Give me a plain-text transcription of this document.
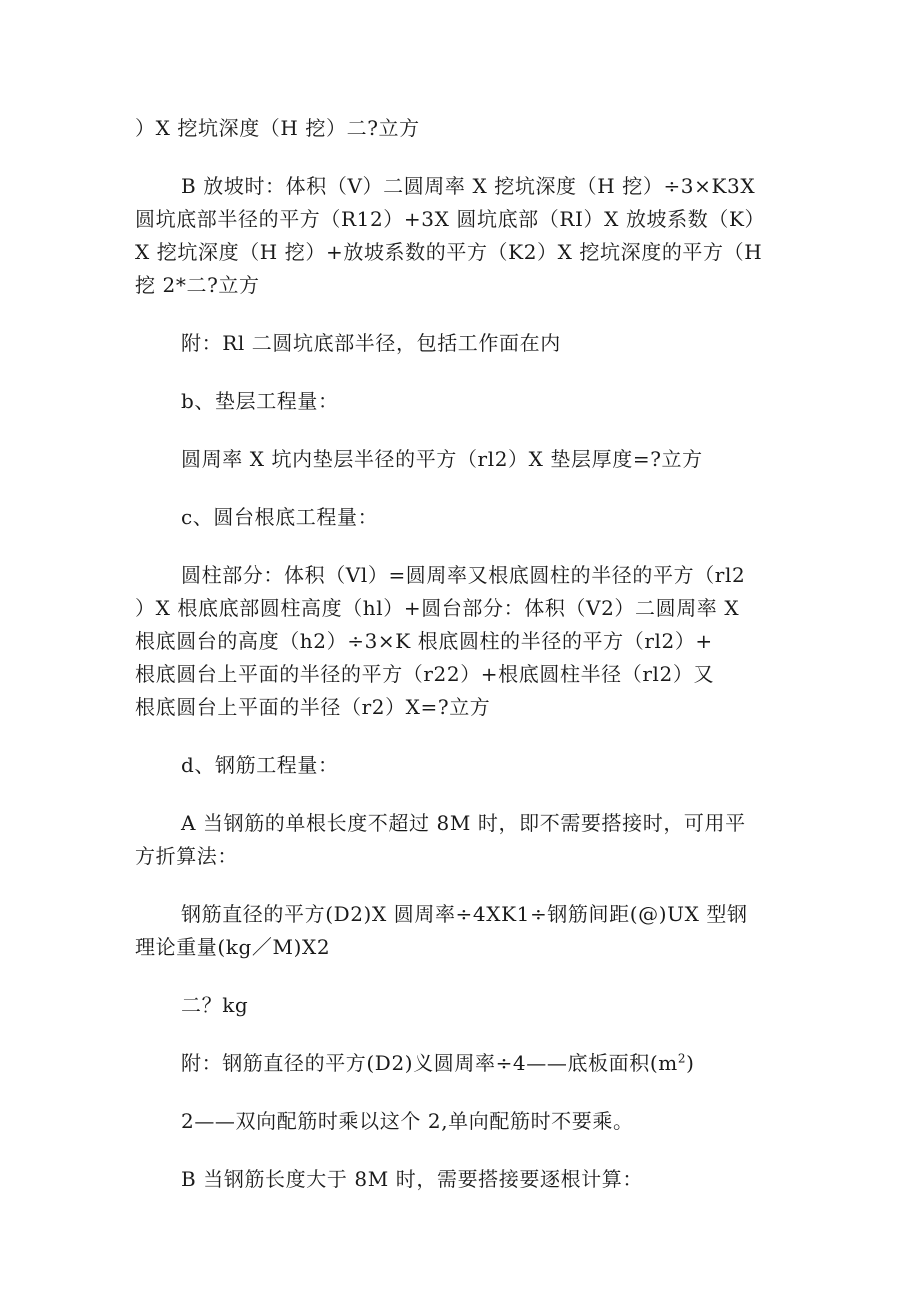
）X 挖坑深度（H 挖）二?立方
B 放坡时：体积（V）二圆周率 X 挖坑深度（H 挖）÷3×K3X
圆坑底部半径的平方（R12）+3X 圆坑底部（RI）X 放坡系数（K）
X 挖坑深度（H 挖）+放坡系数的平方（K2）X 挖坑深度的平方（H
挖 2*二?立方
附：Rl 二圆坑底部半径，包括工作面在内
b、垫层工程量：
圆周率 X 坑内垫层半径的平方（rl2）X 垫层厚度=?立方
c、圆台根底工程量：
圆柱部分：体积（Vl）=圆周率又根底圆柱的半径的平方（rl2
）X 根底底部圆柱高度（hl）+圆台部分：体积（V2）二圆周率 X
根底圆台的高度（h2）÷3×K 根底圆柱的半径的平方（rl2）+
根底圆台上平面的半径的平方（r22）+根底圆柱半径（rl2）又
根底圆台上平面的半径（r2）X=?立方
d、钢筋工程量：
A 当钢筋的单根长度不超过 8M 时，即不需要搭接时，可用平
方折算法：
钢筋直径的平方(D2)X 圆周率÷4XK1÷钢筋间距(@)UX 型钢
理论重量(kg／M)X2
二？kg
附：钢筋直径的平方(D2)义圆周率÷4——底板面积$(m^2)$
2——双向配筋时乘以这个 2,单向配筋时不要乘。
B 当钢筋长度大于 8M 时，需要搭接要逐根计算：
